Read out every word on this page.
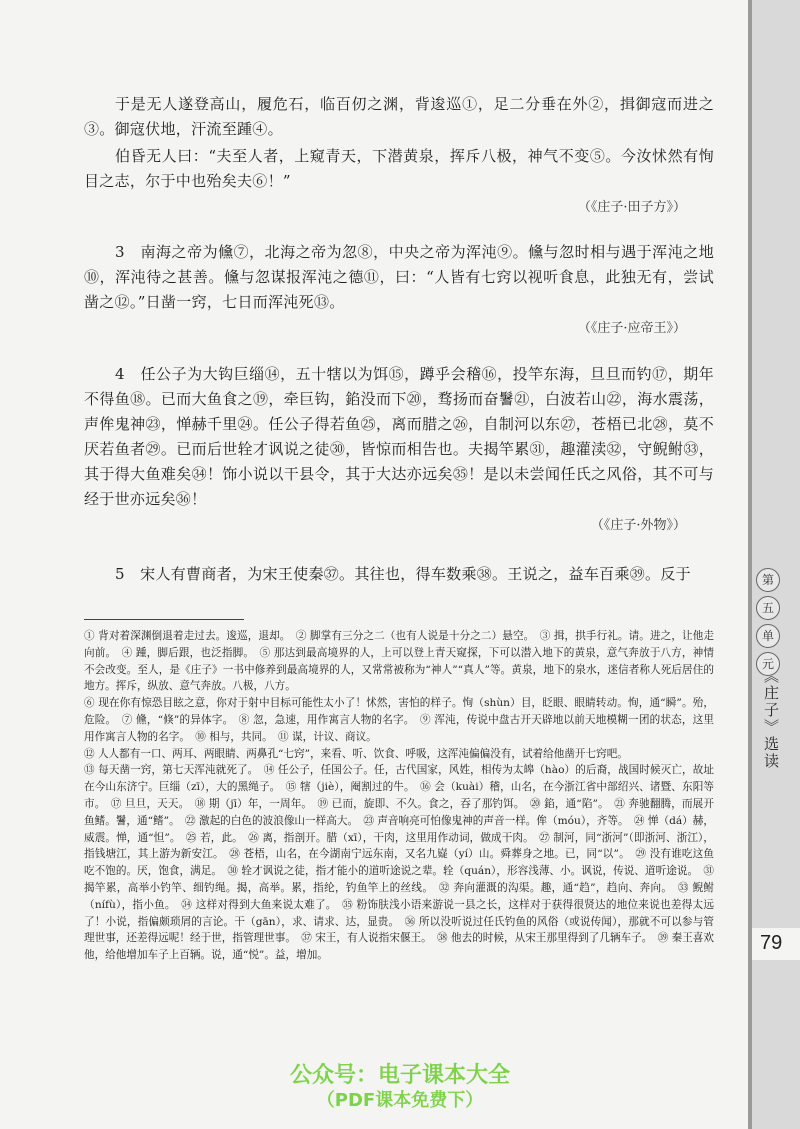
于是无人遂登高山，履危石，临百仞之渊，背逡巡①，足二分垂在外②，揖御寇而进之③。御寇伏地，汗流至踵④。

伯昏无人曰：“夫至人者，上窥青天，下潜黄泉，挥斥八极，神气不变⑤。今汝怵然有恂目之志，尔于中也殆矣夫⑥！”

（《庄子·田子方》）

3　南海之帝为儵⑦，北海之帝为忽⑧，中央之帝为浑沌⑨。儵与忽时相与遇于浑沌之地⑩，浑沌待之甚善。儵与忽谋报浑沌之德⑪，曰：“人皆有七窍以视听食息，此独无有，尝试凿之⑫。”日凿一窍，七日而浑沌死⑬。

（《庄子·应帝王》）

4　任公子为大钩巨缁⑭，五十犗以为饵⑮，蹲乎会稽⑯，投竿东海，旦旦而钓⑰，期年不得鱼⑱。已而大鱼食之⑲，牵巨钩，錎没而下⑳，骛扬而奋鬐㉑，白波若山㉒，海水震荡，声侔鬼神㉓，惮赫千里㉔。任公子得若鱼㉕，离而腊之㉖，自制河以东㉗，苍梧已北㉘，莫不厌若鱼者㉙。已而后世辁才讽说之徒㉚，皆惊而相告也。夫揭竿累㉛，趣灌渎㉜，守鲵鲋㉝，其于得大鱼难矣㉞！饰小说以干县令，其于大达亦远矣㉟！是以未尝闻任氏之风俗，其不可与经于世亦远矣㊱！

（《庄子·外物》）

5　宋人有曹商者，为宋王使秦㊲。其往也，得车数乘㊳。王说之，益车百乘㊴。反于

① 背对着深渊倒退着走过去。逡巡，退却。　② 脚掌有三分之二（也有人说是十分之二）悬空。　③ 揖，拱手行礼。请。进之，让他走向前。　④ 踵，脚后跟，也泛指脚。　⑤ 那达到最高境界的人，上可以登上青天窥探，下可以潜入地下的黄泉，意气奔放于八方，神情不会改变。至人，是《庄子》一书中修养到最高境界的人，又常常被称为“神人”“真人”等。黄泉，地下的泉水，迷信者称人死后居住的地方。挥斥，纵放、意气奔放。八极，八方。

⑥ 现在你有惊恐目眩之意，你对于射中目标可能性太小了！怵然，害怕的样子。恂（shùn）目，眨眼、眼睛转动。恂，通“瞬”。殆，危险。　⑦ 儵，“倏”的异体字。　⑧ 忽，急速，用作寓言人物的名字。　⑨ 浑沌，传说中盘古开天辟地以前天地模糊一团的状态，这里用作寓言人物的名字。　⑩ 相与，共同。　⑪ 谋，计议、商议。

⑫ 人人都有一口、两耳、两眼睛、两鼻孔“七窍”，来看、听、饮食、呼吸，这浑沌偏偏没有，试着给他凿开七窍吧。

⑬ 每天凿一窍，第七天浑沌就死了。　⑭ 任公子，任国公子。任，古代国家，风姓，相传为太皞（hào）的后裔，战国时候灭亡，故址在今山东济宁。巨缁（zī），大的黑绳子。　⑮ 犗（jiè），阉割过的牛。　⑯ 会（kuài）稽，山名，在今浙江省中部绍兴、诸暨、东阳等市。　⑰ 旦旦，天天。　⑱ 期（jī）年，一周年。　⑲ 已而，旋即、不久。食之，吞了那钓饵。　⑳ 錎，通“陷”。　㉑ 奔驰翻腾，而展开鱼鳍。鬐，通“鳍”。　㉒ 激起的白色的波浪像山一样高大。　㉓ 声音响亮可怕像鬼神的声音一样。侔（móu），齐等。　㉔ 惮（dá）赫，威震。惮，通“怛”。　㉕ 若，此。　㉖ 离，指剖开。腊（xī），干肉，这里用作动词，做成干肉。　㉗ 制河，同“浙河”（即浙河、浙江），指钱塘江，其上游为新安江。　㉘ 苍梧，山名，在今湖南宁远东南，又名九嶷（yí）山。舜葬身之地。已，同“以”。　㉙ 没有谁吃这鱼吃不饱的。厌，饱食，满足。　㉚ 辁才讽说之徒，指才能小的道听途说之辈。辁（quán），形容浅薄、小。讽说，传说、道听途说。　㉛ 揭竿累，高举小钓竿、细钓绳。揭，高举。累，指纶，钓鱼竿上的丝线。　㉜ 奔向灌溉的沟渠。趣，通“趋”，趋向、奔向。　㉝ 鲵鲋（nífù），指小鱼。　㉞ 这样对得到大鱼来说太难了。　㉟ 粉饰肤浅小语来游说一县之长，这样对于获得很贤达的地位来说也差得太远了！小说，指偏颇琐屑的言论。干（gān），求、请求、达，显贵。　㊱ 所以没听说过任氏钓鱼的风俗（或说传闻），那就不可以参与管理世事，还差得远呢！经于世，指管理世事。　㊲ 宋王，有人说指宋偃王。　㊳ 他去的时候，从宋王那里得到了几辆车子。　㊴ 秦王喜欢他，给他增加车子上百辆。说，通“悦”。益，增加。

第
五
单
元
《庄子》选读
79
公众号：电子课本大全
（PDF课本免费下）
